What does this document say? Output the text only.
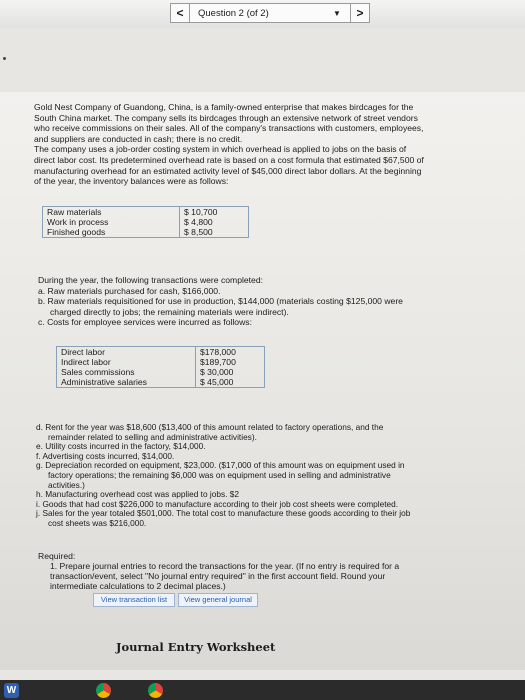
<	Question 2 (of 2)	▼	>

Gold Nest Company of Guandong, China, is a family-owned enterprise that makes birdcages for the

South China market. The company sells its birdcages through an extensive network of street vendors

who receive commissions on their sales. All of the company's transactions with customers, employees,

and suppliers are conducted in cash; there is no credit.

The company uses a job-order costing system in which overhead is applied to jobs on the basis of

direct labor cost. Its predetermined overhead rate is based on a cost formula that estimated $67,500 of

manufacturing overhead for an estimated activity level of $45,000 direct labor dollars. At the beginning

of the year, the inventory balances were as follows:

Raw materials	$ 10,700
Work in process	$ 4,800
Finished goods	$ 8,500

During the year, the following transactions were completed:

a. Raw materials purchased for cash, $166,000.

b. Raw materials requisitioned for use in production, $144,000 (materials costing $125,000 were

charged directly to jobs; the remaining materials were indirect).

c. Costs for employee services were incurred as follows:

Direct labor	$178,000
Indirect labor	$189,700
Sales commissions	$ 30,000
Administrative salaries	$ 45,000

d. Rent for the year was $18,600 ($13,400 of this amount related to factory operations, and the

remainder related to selling and administrative activities).

e. Utility costs incurred in the factory, $14,000.

f. Advertising costs incurred, $14,000.

g. Depreciation recorded on equipment, $23,000. ($17,000 of this amount was on equipment used in

factory operations; the remaining $6,000 was on equipment used in selling and administrative

activities.)

h. Manufacturing overhead cost was applied to jobs. $2

i. Goods that had cost $226,000 to manufacture according to their job cost sheets were completed.

j. Sales for the year totaled $501,000. The total cost to manufacture these goods according to their job

cost sheets was $216,000.

Required:

1. Prepare journal entries to record the transactions for the year. (If no entry is required for a

transaction/event, select "No journal entry required" in the first account field. Round your

intermediate calculations to 2 decimal places.)

View transaction list	View general journal
Journal Entry Worksheet
W
